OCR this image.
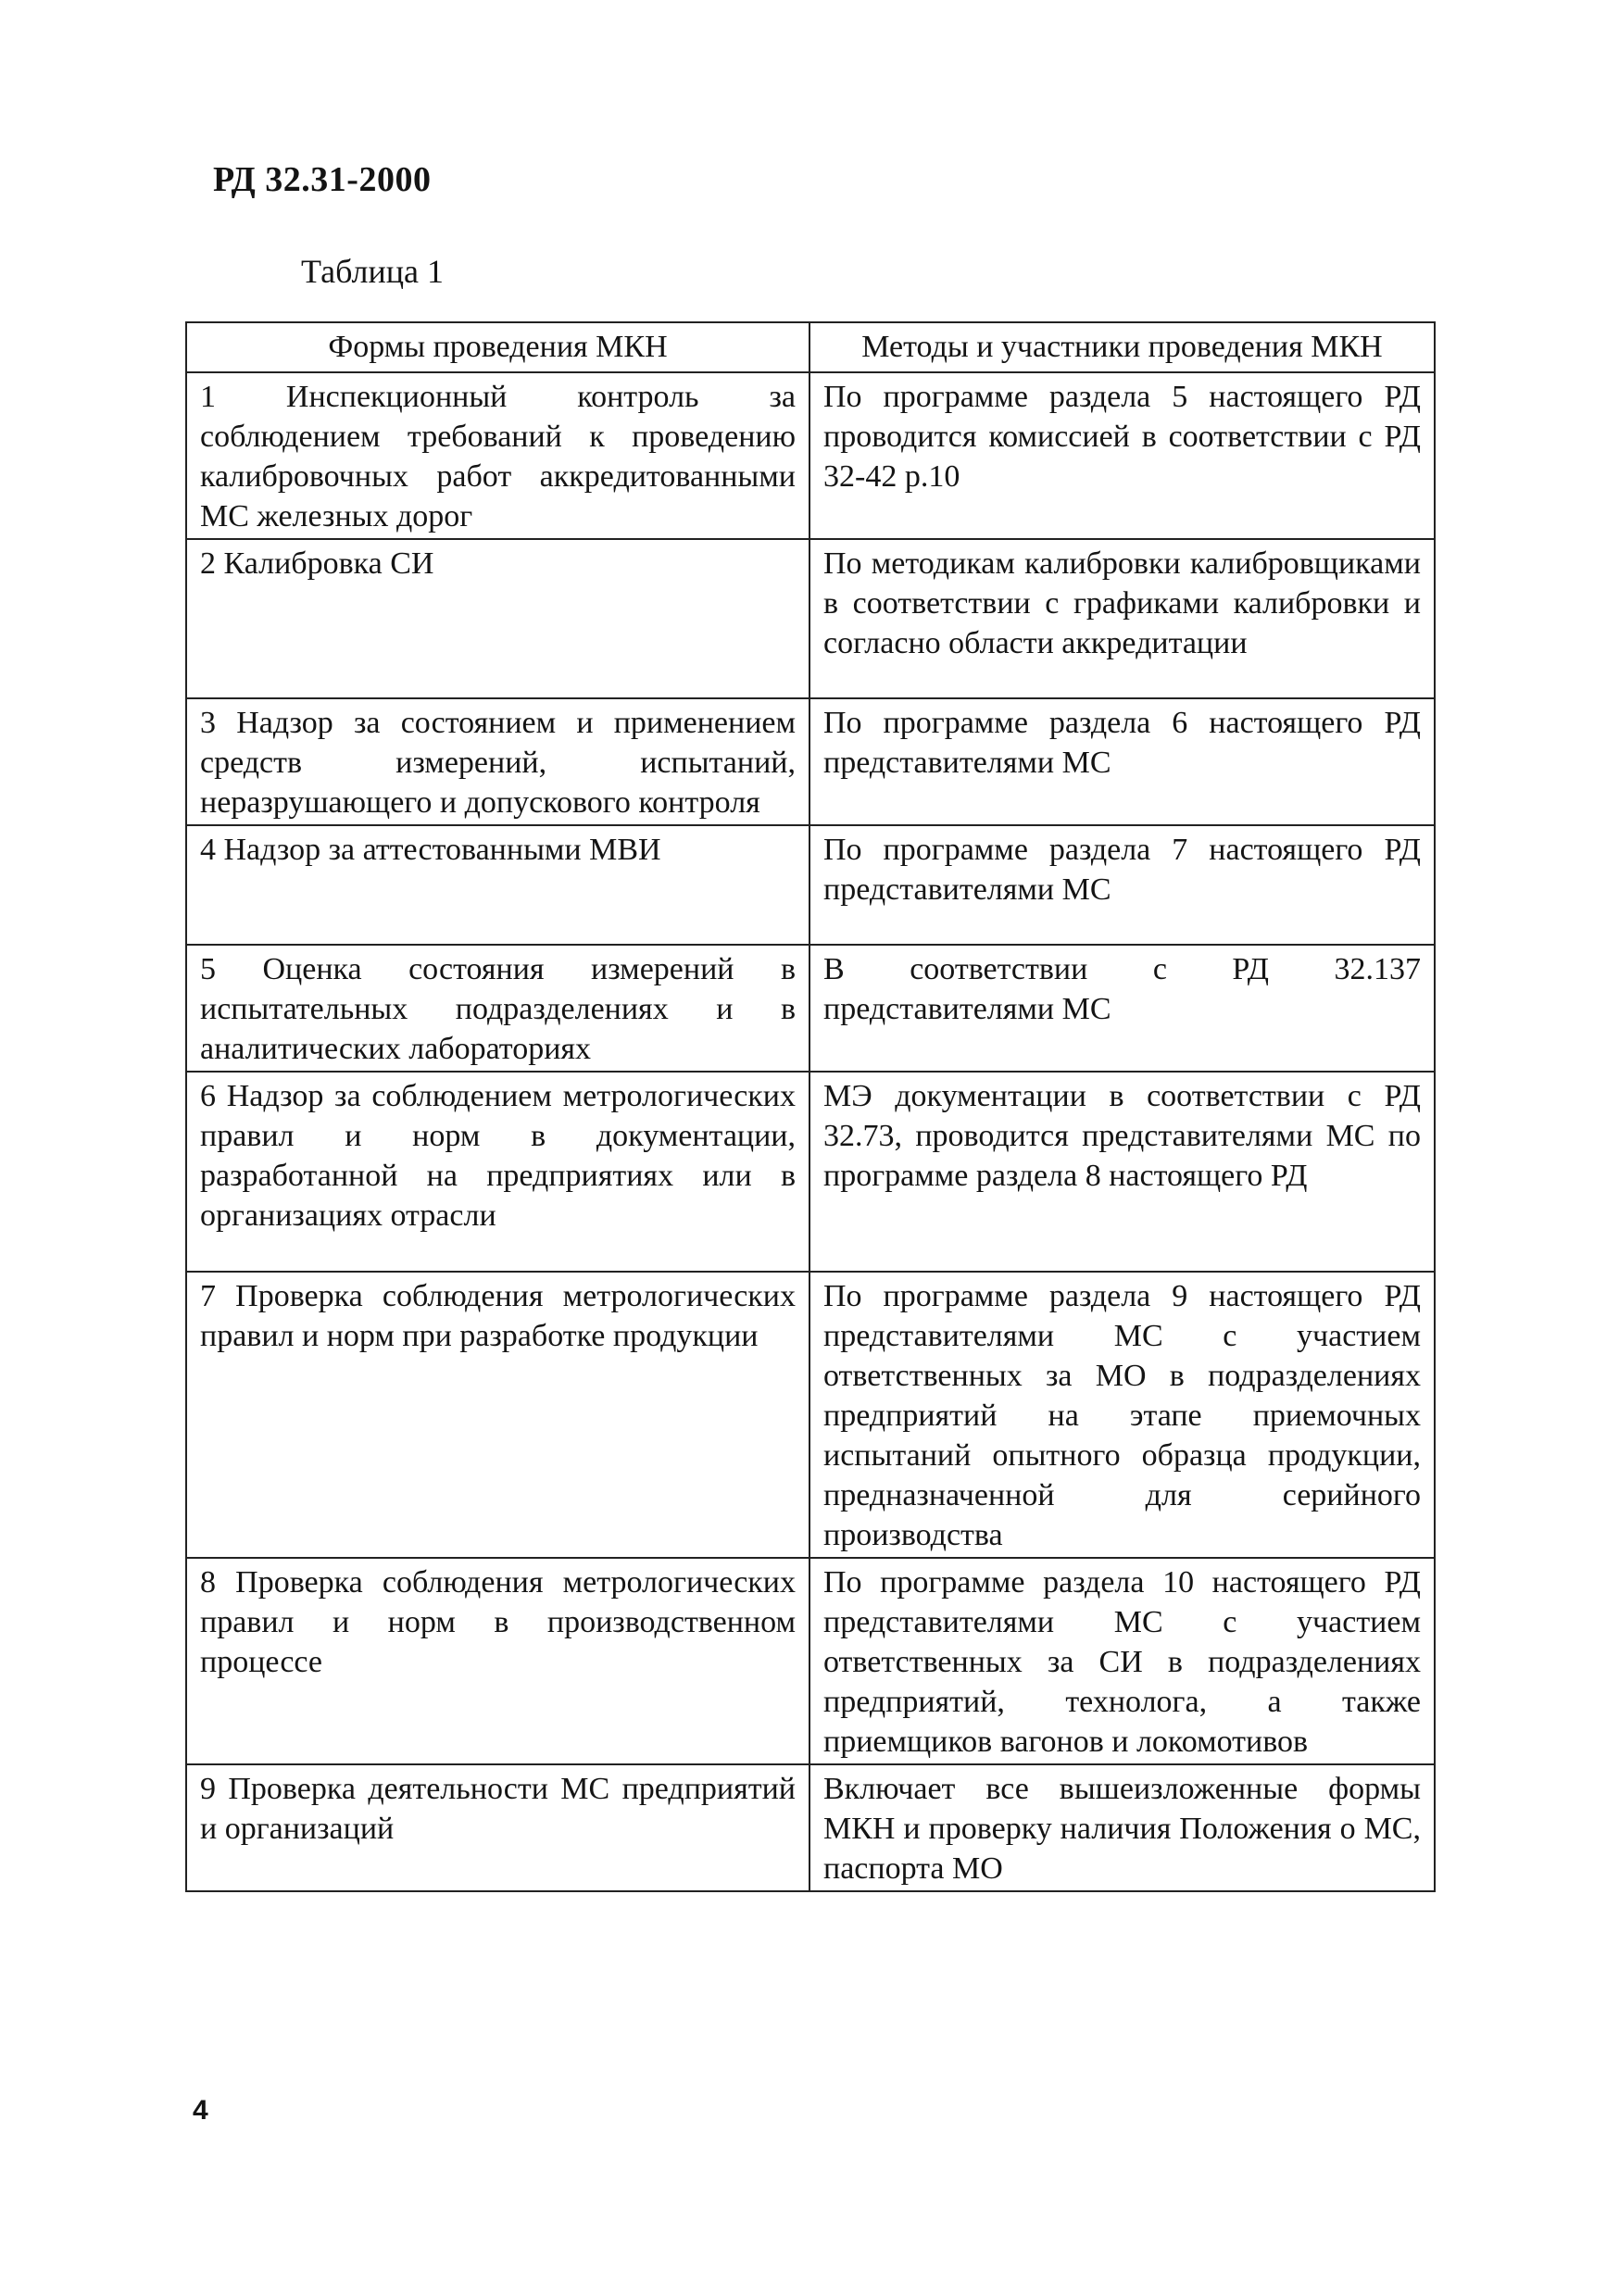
РД 32.31-2000
Таблица 1
Формы проведения МКН	Методы и участники проведения МКН
1 Инспекционный контроль за соблюдением требований к проведению калибровочных работ аккредитованными МС железных дорог	По программе раздела 5 настоящего РД проводится комиссией в соответствии с РД 32-42 р.10
2 Калибровка СИ	По методикам калибровки калибровщиками в соответствии с графиками калибровки и согласно области аккредитации
3 Надзор за состоянием и применением средств измерений, испытаний, неразрушающего и допускового контроля	По программе раздела 6 настоящего РД представителями МС
4 Надзор за аттестованными МВИ	По программе раздела 7 настоящего РД представителями МС
5 Оценка состояния измерений в испытательных подразделениях и в аналитических лабораториях	В соответствии с РД 32.137 представителями МС
6 Надзор за соблюдением метрологических правил и норм в документации, разработанной на предприятиях или в организациях отрасли	МЭ документации в соответствии с РД 32.73, проводится представителями МС по программе раздела 8 настоящего РД
7 Проверка соблюдения метрологических правил и норм при разработке продукции	По программе раздела 9 настоящего РД представителями МС с участием ответственных за МО в подразделениях предприятий на этапе приемочных испытаний опытного образца продукции, предназначенной для серийного производства
8 Проверка соблюдения метрологических правил и норм в производственном процессе	По программе раздела 10 настоящего РД представителями МС с участием ответственных за СИ в подразделениях предприятий, технолога, а также приемщиков вагонов и локомотивов
9 Проверка деятельности МС предприятий и организаций	Включает все вышеизложенные формы МКН и проверку наличия Положения о МС, паспорта МО
4
